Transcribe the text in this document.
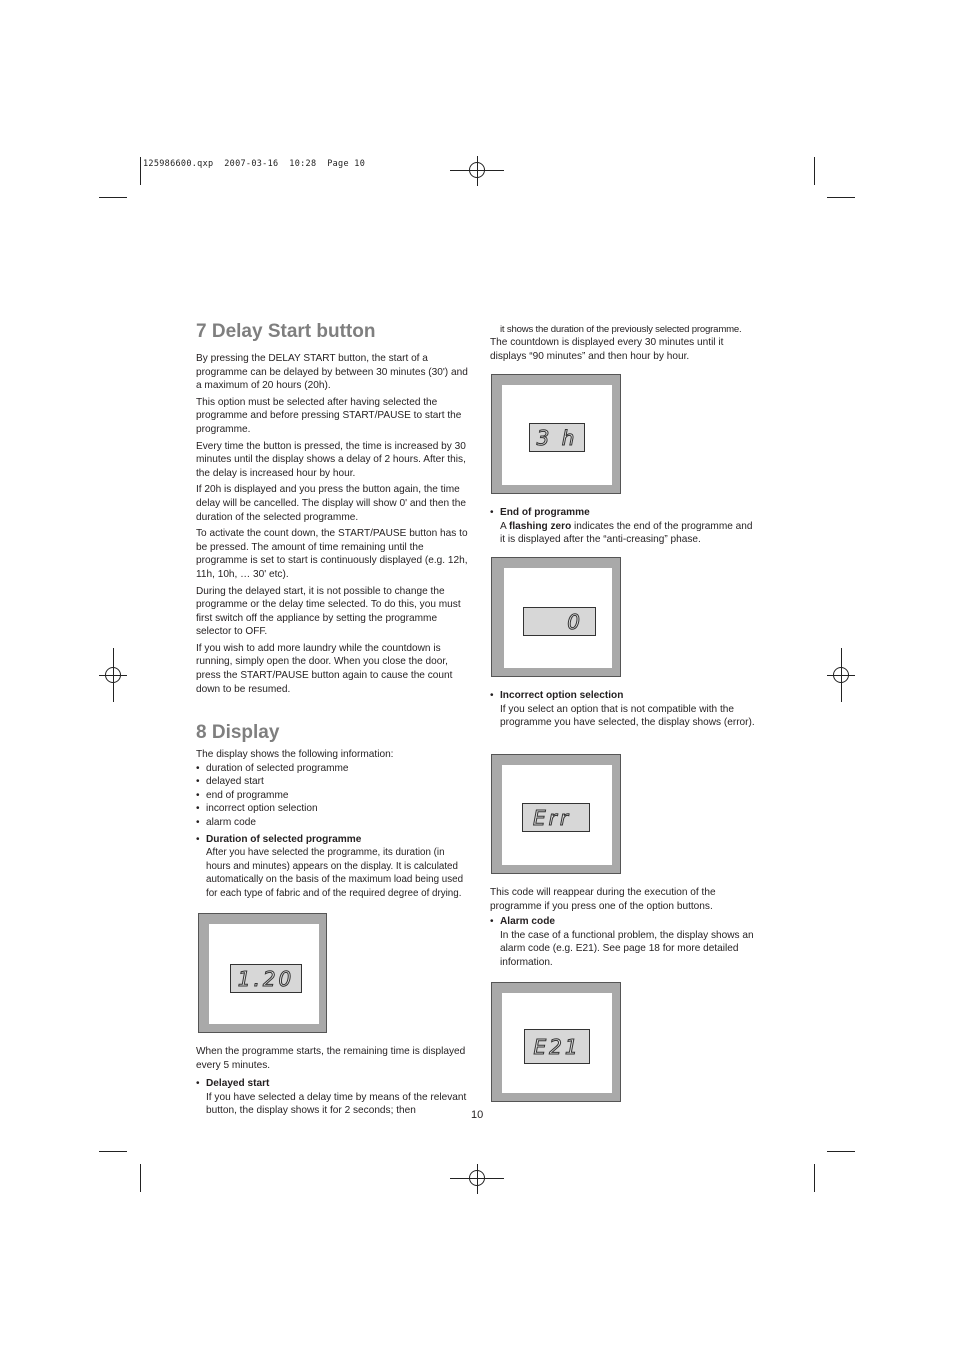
125986600.qxp  2007-03-16  10:28  Page 10
7 Delay Start button

By pressing the DELAY START button, the start of a programme can be delayed by between 30 minutes (30') and a maximum of 20 hours (20h).

This option must be selected after having selected the programme and before pressing START/PAUSE to start the programme.

Every time the button is pressed, the time is increased by 30 minutes until the display shows a delay of 2 hours. After this, the delay is increased hour by hour.

If 20h is displayed and you press the button again, the time delay will be cancelled. The display will show 0' and then the duration of the selected programme.

To activate the count down, the START/PAUSE button has to be pressed. The amount of time remaining until the programme is set to start is continuously displayed (e.g. 12h, 11h, 10h, … 30' etc).

During the delayed start, it is not possible to change the programme or the delay time selected. To do this, you must first switch off the appliance by setting the programme selector to OFF.

If you wish to add more laundry while the countdown is running, simply open the door. When you close the door, press the START/PAUSE button again to cause the count down to be resumed.

8 Display

The display shows the following information:

• duration of selected programme
• delayed start
• end of programme
• incorrect option selection
• alarm code

• Duration of selected programme

After you have selected the programme, its duration (in hours and minutes) appears on the display. It is calculated automatically on the basis of the maximum load being used for each type of fabric and of the required degree of drying.

1.20

When the programme starts, the remaining time is displayed every 5 minutes.

• Delayed start

If you have selected a delay time by means of the relevant button, the display shows it for 2 seconds; then	10
it shows the duration of the previously selected programme.

The countdown is displayed every 30 minutes until it displays “90 minutes” and then hour by hour.

3 h

• End of programme

A flashing zero indicates the end of the programme and it is displayed after the “anti-creasing” phase.

0

• Incorrect option selection

If you select an option that is not compatible with the programme you have selected, the display shows (error).

Err

This code will reappear during the execution of the programme if you press one of the option buttons.

• Alarm code

In the case of a functional problem, the display shows an alarm code (e.g. E21). See page 18 for more detailed information.

E21
